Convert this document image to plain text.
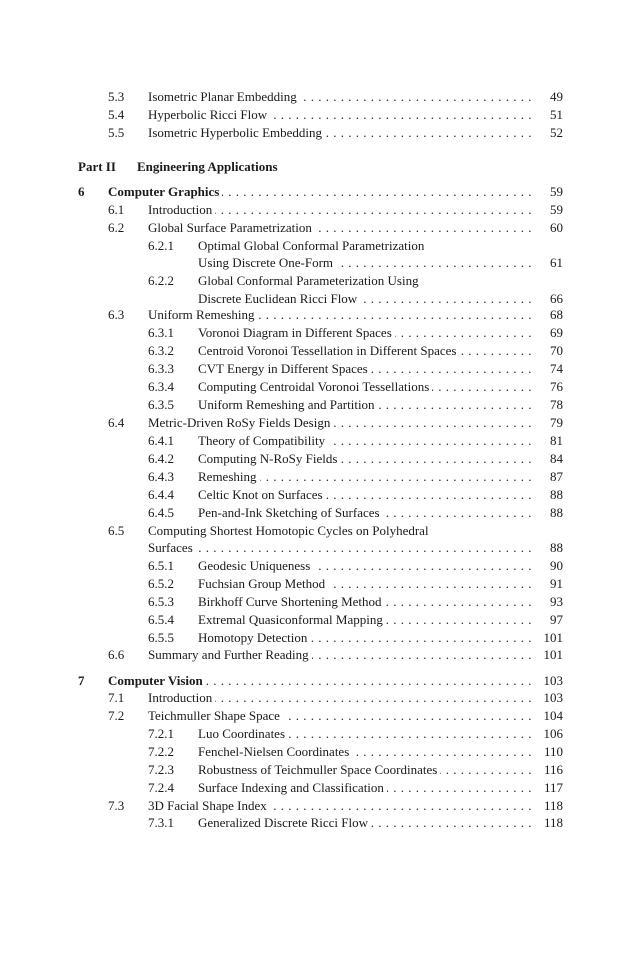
5.3 Isometric Planar Embedding . . .	49
5.4 Hyperbolic Ricci Flow . . .	51
5.5 Isometric Hyperbolic Embedding . . .	52
Part II Engineering Applications
6 Computer Graphics . . .	59
6.1 Introduction . . .	59
6.2 Global Surface Parametrization . . .	60
6.2.1 Optimal Global Conformal Parametrization
Using Discrete One-Form . . .	61
6.2.2 Global Conformal Parameterization Using
Discrete Euclidean Ricci Flow . . .	66
6.3 Uniform Remeshing . . .	68
6.3.1 Voronoi Diagram in Different Spaces . . .	69
6.3.2 Centroid Voronoi Tessellation in Different Spaces . . .	70
6.3.3 CVT Energy in Different Spaces . . .	74
6.3.4 Computing Centroidal Voronoi Tessellations . . .	76
6.3.5 Uniform Remeshing and Partition . . .	78
6.4 Metric-Driven RoSy Fields Design . . .	79
6.4.1 Theory of Compatibility . . .	81
6.4.2 Computing N-RoSy Fields . . .	84
6.4.3 Remeshing . . .	87
6.4.4 Celtic Knot on Surfaces . . .	88
6.4.5 Pen-and-Ink Sketching of Surfaces . . .	88
6.5 Computing Shortest Homotopic Cycles on Polyhedral
Surfaces . . .	88
6.5.1 Geodesic Uniqueness . . .	90
6.5.2 Fuchsian Group Method . . .	91
6.5.3 Birkhoff Curve Shortening Method . . .	93
6.5.4 Extremal Quasiconformal Mapping . . .	97
6.5.5 Homotopy Detection . . .	101
6.6 Summary and Further Reading . . .	101
7 Computer Vision . . .	103
7.1 Introduction . . .	103
7.2 Teichmuller Shape Space . . .	104
7.2.1 Luo Coordinates . . .	106
7.2.2 Fenchel-Nielsen Coordinates . . .	110
7.2.3 Robustness of Teichmuller Space Coordinates . . .	116
7.2.4 Surface Indexing and Classification . . .	117
7.3 3D Facial Shape Index . . .	118
7.3.1 Generalized Discrete Ricci Flow . . .	118
